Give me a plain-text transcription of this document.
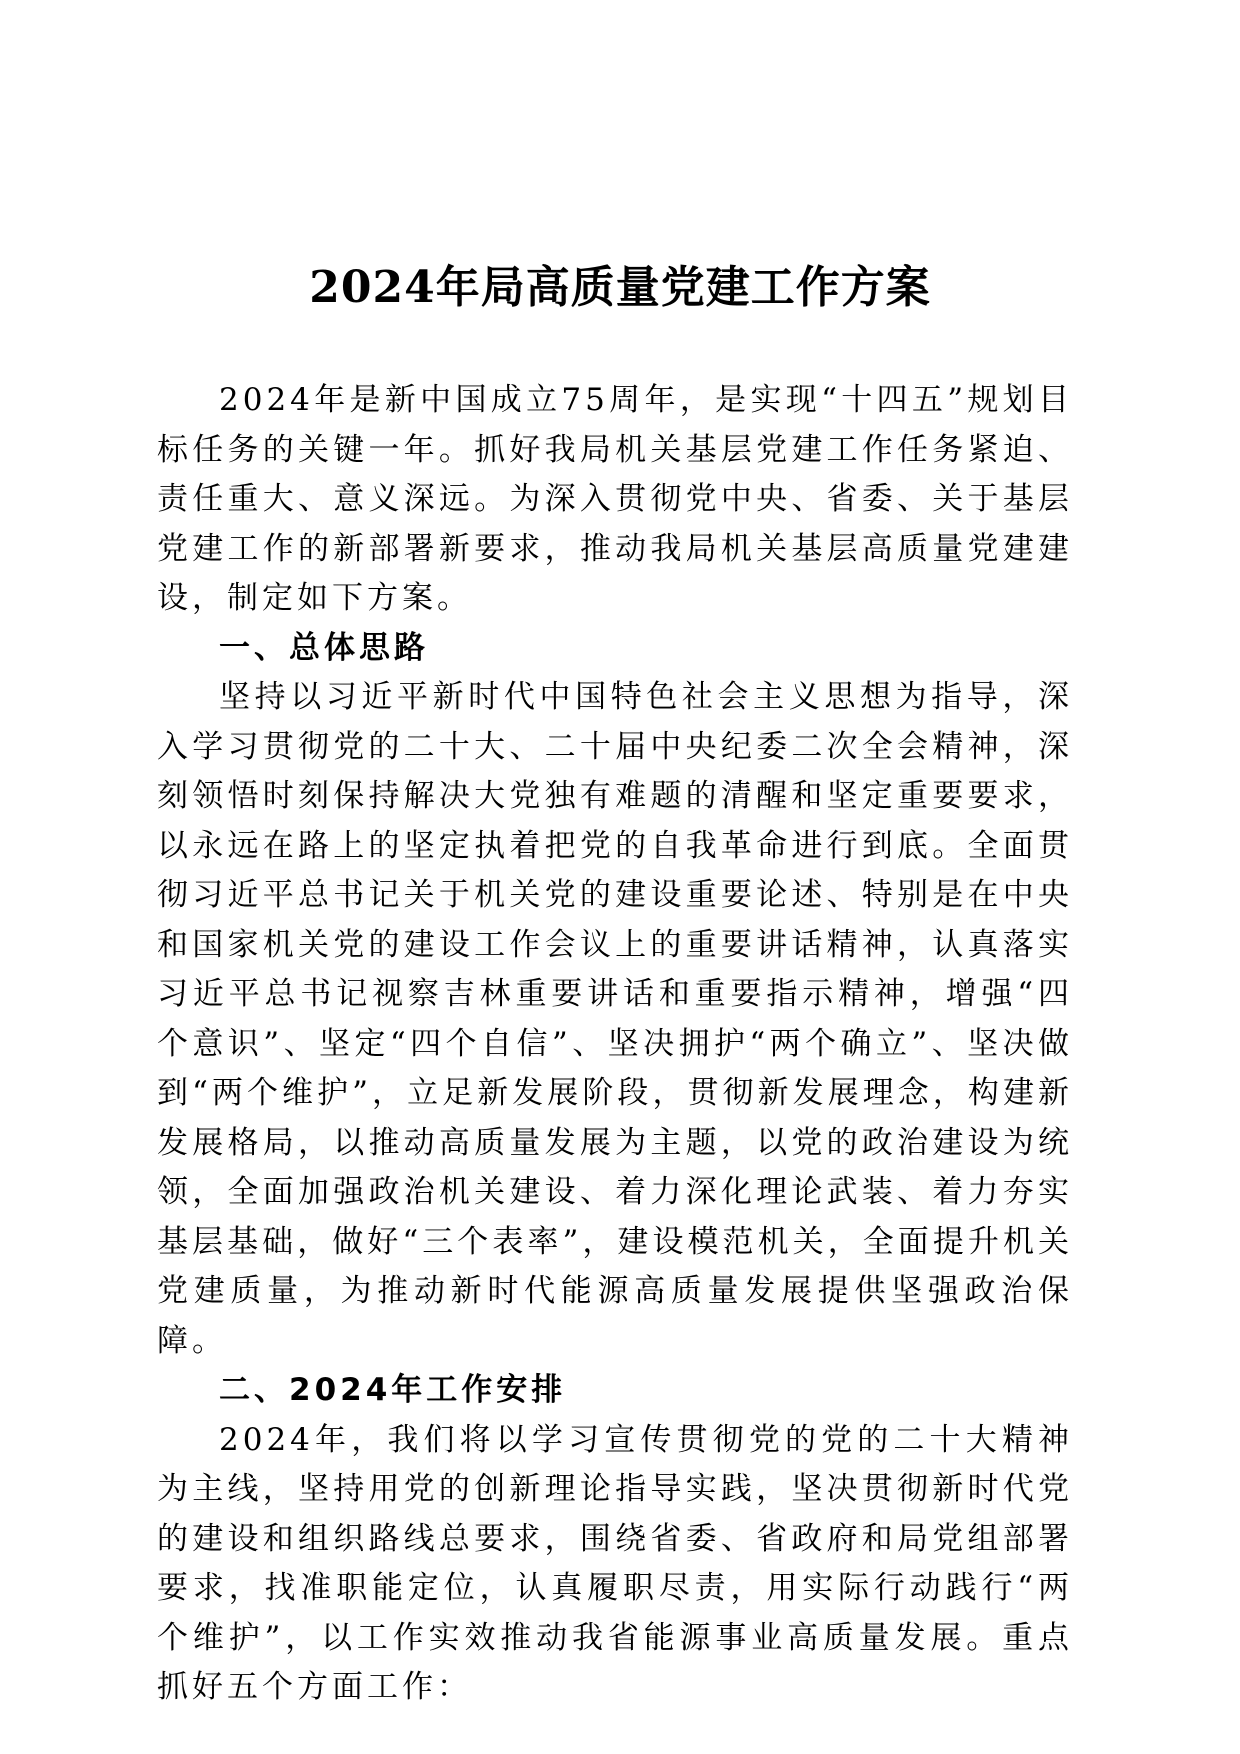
2024年局高质量党建工作方案

2024年是新中国成立75周年，是实现“十四五”规划目标任务的关键一年。抓好我局机关基层党建工作任务紧迫、责任重大、意义深远。为深入贯彻党中央、省委、关于基层党建工作的新部署新要求，推动我局机关基层高质量党建建设，制定如下方案。

一、总体思路

坚持以习近平新时代中国特色社会主义思想为指导，深入学习贯彻党的二十大、二十届中央纪委二次全会精神，深刻领悟时刻保持解决大党独有难题的清醒和坚定重要要求，以永远在路上的坚定执着把党的自我革命进行到底。全面贯彻习近平总书记关于机关党的建设重要论述、特别是在中央和国家机关党的建设工作会议上的重要讲话精神，认真落实习近平总书记视察吉林重要讲话和重要指示精神，增强“四个意识”、坚定“四个自信”、坚决拥护“两个确立”、坚决做到“两个维护”，立足新发展阶段，贯彻新发展理念，构建新发展格局，以推动高质量发展为主题，以党的政治建设为统领，全面加强政治机关建设、着力深化理论武装、着力夯实基层基础，做好“三个表率”，建设模范机关，全面提升机关党建质量，为推动新时代能源高质量发展提供坚强政治保障。

二、2024年工作安排

2024年，我们将以学习宣传贯彻党的党的二十大精神为主线，坚持用党的创新理论指导实践，坚决贯彻新时代党的建设和组织路线总要求，围绕省委、省政府和局党组部署要求，找准职能定位，认真履职尽责，用实际行动践行“两个维护”，以工作实效推动我省能源事业高质量发展。重点抓好五个方面工作：
